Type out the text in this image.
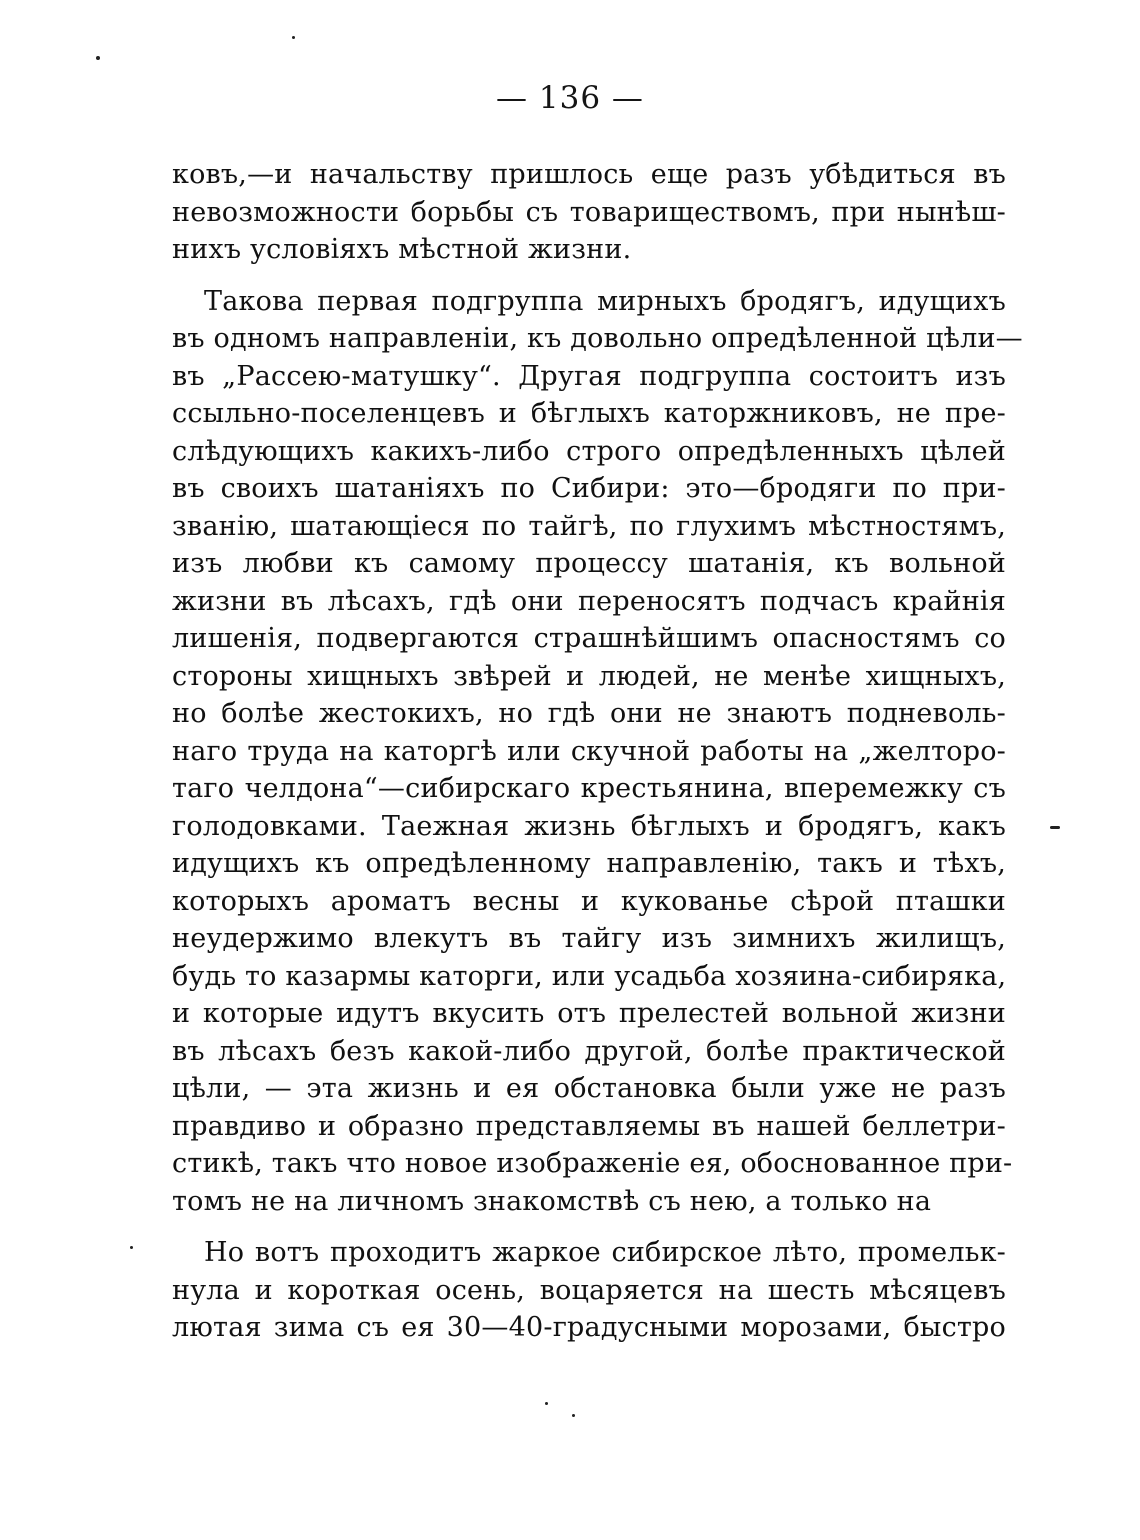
— 136 —
ковъ,—и начальству пришлось еще разъ убѣдиться въ
невозможности борьбы съ товариществомъ, при нынѣш-
нихъ условіяхъ мѣстной жизни.
Такова первая подгруппа мирныхъ бродягъ, идущихъ
въ одномъ направленіи, къ довольно опредѣленной цѣли—
въ „Рассею-матушку“. Другая подгруппа состоитъ изъ
ссыльно-поселенцевъ и бѣглыхъ каторжниковъ, не пре-
слѣдующихъ какихъ-либо строго опредѣленныхъ цѣлей
въ своихъ шатаніяхъ по Сибири: это—бродяги по при-
званію, шатающіеся по тайгѣ, по глухимъ мѣстностямъ,
изъ любви къ самому процессу шатанія, къ вольной
жизни въ лѣсахъ, гдѣ они переносятъ подчасъ крайнія
лишенія, подвергаются страшнѣйшимъ опасностямъ со
стороны хищныхъ звѣрей и людей, не менѣе хищныхъ,
но болѣе жестокихъ, но гдѣ они не знаютъ подневоль-
наго труда на каторгѣ или скучной работы на „желторо-
таго челдона“—сибирскаго крестьянина, вперемежку съ
голодовками. Таежная жизнь бѣглыхъ и бродягъ, какъ
идущихъ къ опредѣленному направленію, такъ и тѣхъ,
которыхъ ароматъ весны и кукованье сѣрой пташки
неудержимо влекутъ въ тайгу изъ зимнихъ жилищъ,
будь то казармы каторги, или усадьба хозяина-сибиряка,
и которые идутъ вкусить отъ прелестей вольной жизни
въ лѣсахъ безъ какой-либо другой, болѣе практической
цѣли, — эта жизнь и ея обстановка были уже не разъ
правдиво и образно представляемы въ нашей беллетри-
стикѣ, такъ что новое изображеніе ея, обоснованное при-
томъ не на личномъ знакомствѣ съ нею, а только на
Но вотъ проходитъ жаркое сибирское лѣто, промельк-
нула и короткая осень, воцаряется на шесть мѣсяцевъ
лютая зима съ ея 30—40-градусными морозами, быстро
